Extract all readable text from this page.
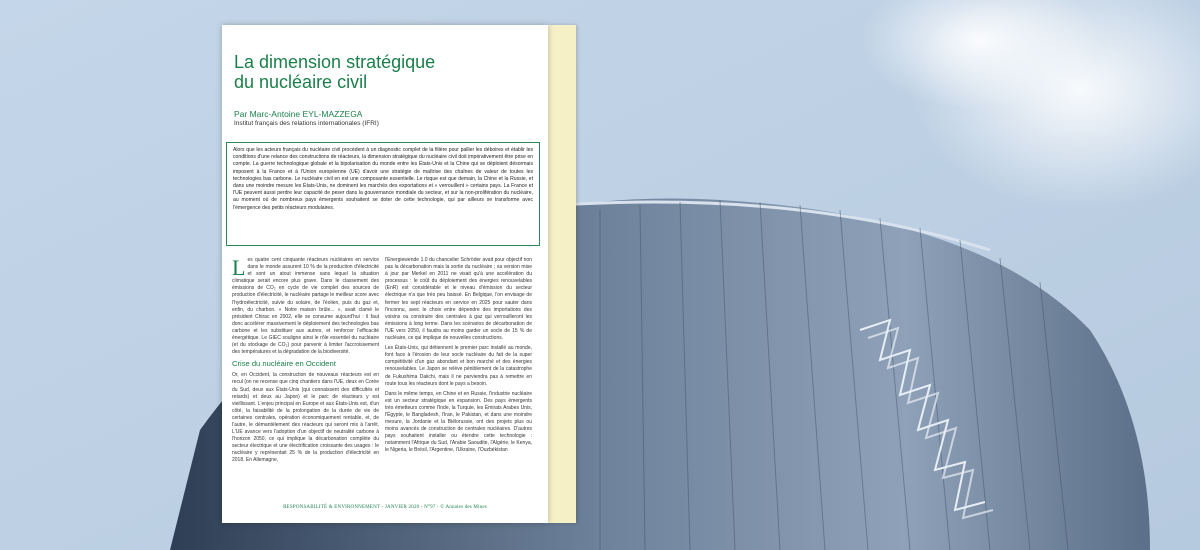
La dimension stratégique
du nucléaire civil
Par Marc-Antoine EYL-MAZZEGA
Institut français des relations internationales (IFRI)

Alors que les acteurs français du nucléaire civil procèdent à un diagnostic complet de la filière pour pallier les déboires et établir les conditions d'une relance des constructions de réacteurs, la dimension stratégique du nucléaire civil doit impérativement être prise en compte. La guerre technologique globale et la bipolarisation du monde entre les États-Unis et la Chine qui se déploient désormais imposent à la France et à l'Union européenne (UE) d'avoir une stratégie de maîtrise des chaînes de valeur de toutes les technologies bas carbone. Le nucléaire civil en est une composante essentielle. Le risque est que demain, la Chine et la Russie, et dans une moindre mesure les États-Unis, ne dominent les marchés des exportations et « verrouillent » certains pays. La France et l'UE peuvent aussi perdre leur capacité de peser dans la gouvernance mondiale du secteur, et sur la non-prolifération du nucléaire, au moment où de nombreux pays émergents souhaitent se doter de cette technologie, qui par ailleurs se transforme avec l'émergence des petits réacteurs modulaires.

Les quatre cent cinquante réacteurs nucléaires en service dans le monde assurent 10 % de la production d'électricité et sont un atout immense sans lequel la situation climatique serait encore plus grave. Dans le classement des émissions de CO₂ en cycle de vie complet des sources de production d'électricité, le nucléaire partage le meilleur score avec l'hydroélectricité, suivie du solaire, de l'éolien, puis du gaz et, enfin, du charbon. « Notre maison brûle... », avait clamé le président Chirac en 2002, elle se consume aujourd'hui : il faut donc accélérer massivement le déploiement des technologies bas carbone et les substituer aux autres, et renforcer l'efficacité énergétique. Le GIEC souligne ainsi le rôle essentiel du nucléaire (et du stockage de CO₂) pour parvenir à limiter l'accroissement des températures et la dégradation de la biodiversité.

Crise du nucléaire en Occident

Or, en Occident, la construction de nouveaux réacteurs est en recul (on ne recense que cinq chantiers dans l'UE, deux en Corée du Sud, deux aux États-Unis (qui connaissent des difficultés et retards) et deux au Japon) et le parc de réacteurs y est vieillissant. L'enjeu principal en Europe et aux États-Unis est, d'un côté, la faisabilité de la prolongation de la durée de vie de certaines centrales, opération économiquement rentable, et, de l'autre, le démantèlement des réacteurs qui seront mis à l'arrêt. L'UE avance vers l'adoption d'un objectif de neutralité carbone à l'horizon 2050, ce qui implique la décarbonation complète du secteur électrique et une électrification croissante des usages : le nucléaire y représentait 25 % de la production d'électricité en 2018. En Allemagne,

l'Energiewende 1.0 du chancelier Schröder avait pour objectif non pas la décarbonation mais la sortie du nucléaire ; sa version mise à jour par Merkel en 2011 ne visait qu'à une accélération du processus : le coût du déploiement des énergies renouvelables (EnR) est considérable et le niveau d'émission du secteur électrique n'a que très peu baissé. En Belgique, l'on envisage de fermer les sept réacteurs en service en 2025 pour sauter dans l'inconnu, avec le choix entre dépendre des importations des voisins ou construire des centrales à gaz qui verrouilleront les émissions à long terme. Dans les scénarios de décarbonation de l'UE vers 2050, il faudra au moins garder un socle de 15 % de nucléaire, ce qui implique de nouvelles constructions.

Les États-Unis, qui détiennent le premier parc installé au monde, font face à l'érosion de leur socle nucléaire du fait de la super compétitivité d'un gaz abondant et bon marché et des énergies renouvelables. Le Japon se relève péniblement de la catastrophe de Fukushima Daiichi, mais il ne parviendra pas à remettre en route tous les réacteurs dont le pays a besoin.

Dans le même temps, en Chine et en Russie, l'industrie nucléaire est un secteur stratégique en expansion. Des pays émergents très émetteurs comme l'Inde, la Turquie, les Émirats Arabes Unis, l'Égypte, le Bangladesh, l'Iran, le Pakistan, et dans une moindre mesure, la Jordanie et la Biélorussie, ont des projets plus ou moins avancés de construction de centrales nucléaires. D'autres pays souhaitent installer ou étendre cette technologie : notamment l'Afrique du Sud, l'Arabie Saoudite, l'Algérie, le Kenya, le Nigeria, le Brésil, l'Argentine, l'Ukraine, l'Ouzbékistan

RESPONSABILITÉ & ENVIRONNEMENT - JANVIER 2020 - N°97 - © Annales des Mines
